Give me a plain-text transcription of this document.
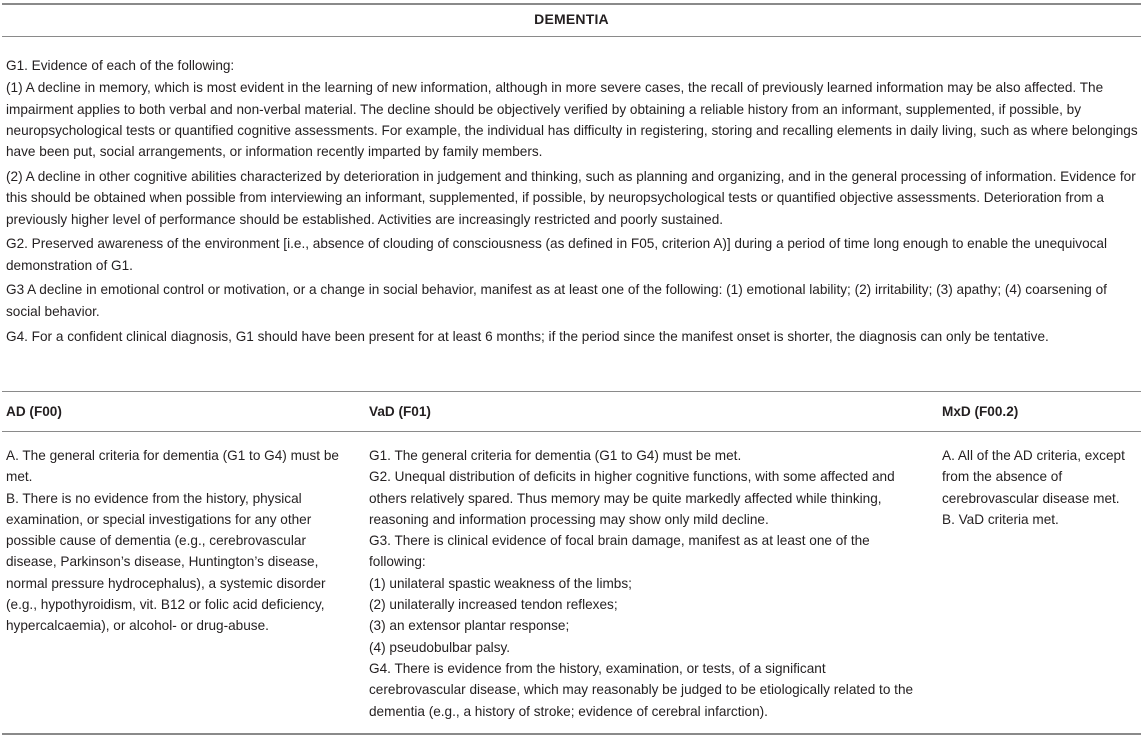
DEMENTIA

G1. Evidence of each of the following:

(1) A decline in memory, which is most evident in the learning of new information, although in more severe cases, the recall of previously learned information may be also affected. The impairment applies to both verbal and non-verbal material. The decline should be objectively verified by obtaining a reliable history from an informant, supplemented, if possible, by neuropsychological tests or quantified cognitive assessments. For example, the individual has difficulty in registering, storing and recalling elements in daily living, such as where belongings have been put, social arrangements, or information recently imparted by family members.

(2) A decline in other cognitive abilities characterized by deterioration in judgement and thinking, such as planning and organizing, and in the general processing of information. Evidence for this should be obtained when possible from interviewing an informant, supplemented, if possible, by neuropsychological tests or quantified objective assessments. Deterioration from a previously higher level of performance should be established. Activities are increasingly restricted and poorly sustained.

G2. Preserved awareness of the environment [i.e., absence of clouding of consciousness (as defined in F05, criterion A)] during a period of time long enough to enable the unequivocal demonstration of G1.

G3 A decline in emotional control or motivation, or a change in social behavior, manifest as at least one of the following: (1) emotional lability; (2) irritability; (3) apathy; (4) coarsening of social behavior.

G4. For a confident clinical diagnosis, G1 should have been present for at least 6 months; if the period since the manifest onset is shorter, the diagnosis can only be tentative.

AD (F00)	VaD (F01)	MxD (F00.2)

A. The general criteria for dementia (G1 to G4) must be met.

B. There is no evidence from the history, physical examination, or special investigations for any other possible cause of dementia (e.g., cerebrovascular disease, Parkinson’s disease, Huntington’s disease, normal pressure hydrocephalus), a systemic disorder (e.g., hypothyroidism, vit. B12 or folic acid deficiency, hypercalcaemia), or alcohol- or drug-abuse.

G1. The general criteria for dementia (G1 to G4) must be met.

G2. Unequal distribution of deficits in higher cognitive functions, with some affected and others relatively spared. Thus memory may be quite markedly affected while thinking, reasoning and information processing may show only mild decline.

G3. There is clinical evidence of focal brain damage, manifest as at least one of the following:

(1) unilateral spastic weakness of the limbs;

(2) unilaterally increased tendon reflexes;

(3) an extensor plantar response;

(4) pseudobulbar palsy.

G4. There is evidence from the history, examination, or tests, of a significant cerebrovascular disease, which may reasonably be judged to be etiologically related to the dementia (e.g., a history of stroke; evidence of cerebral infarction).

A. All of the AD criteria, except from the absence of cerebrovascular disease met.

B. VaD criteria met.
